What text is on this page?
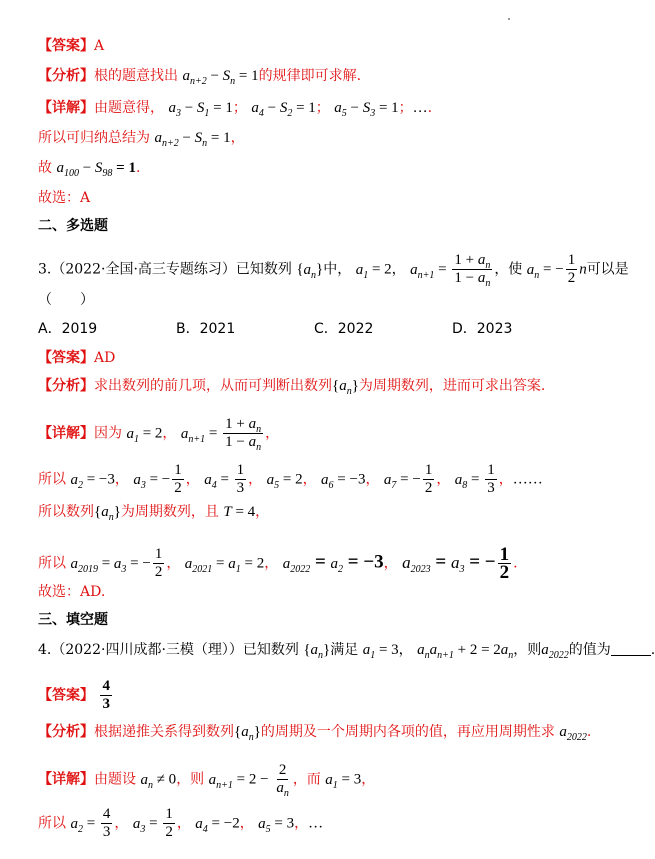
【答案】A
【分析】根的题意找出 $a_{n+2} - S_n = 1$的规律即可求解.
【详解】由题意得， $a_3 - S_1 = 1$； $a_4 - S_2 = 1$； $a_5 - S_3 = 1$；….
所以可归纳总结为 $a_{n+2} - S_n = 1$，
故 $a_{100} - S_{98} = 1$.
故选：A
二、多选题
3.（2022·全国·高三专题练习）已知数列 $\{a_n\}$中， $a_1 = 2$， $a_{n+1} = \frac{1 + a_n}{1 - a_n}$ ，使 $a_n$ = − $\frac{1}{2}$ n可以是
（　　）
A．2019	B．2021	C．2022	D．2023
【答案】AD
【分析】求出数列的前几项，从而可判断出数列$\{a_n\}$为周期数列，进而可求出答案.
【详解】因为 $a_1 = 2$， $a_{n+1} = \frac{1 + a_n}{1 - a_n}$ ，
所以 $a_2 = -3$， $a_3$ = − $\frac{1}{2}$ ， $a_4 = \frac{1}{3}$ ， $a_5 = 2$， $a_6 = -3$， $a_7$ = − $\frac{1}{2}$ ， $a_8 = \frac{1}{3}$ ，……
所以数列$\{a_n\}$为周期数列，且 T = 4，
所以 $a_{2019} = a_3$ = − $\frac{1}{2}$ ， $a_{2021} = a_1 = 2$， $a_{2022} = a_2 = -3$， $a_{2023} = a_3$ = − $\frac{1}{2}$ .
故选：AD.
三、填空题
4.（2022·四川成都·三模（理））已知数列 $\{a_n\}$满足 $a_1 = 3$， $a_na_{n+1} + 2 = 2a_n$，则$a_{2022}$的值为	.
【答案】 $\frac{4}{3}$
【分析】根据递推关系得到数列$\{a_n\}$的周期及一个周期内各项的值，再应用周期性求 $a_{2022}$.
【详解】由题设 $a_n \ne 0$，则 $a_{n+1} = 2 - \frac{2}{a_n}$ ，而 $a_1 = 3$，
所以 $a_2 = \frac{4}{3}$ ， $a_3 = \frac{1}{2}$ ， $a_4 = -2$， $a_5 = 3$，…
